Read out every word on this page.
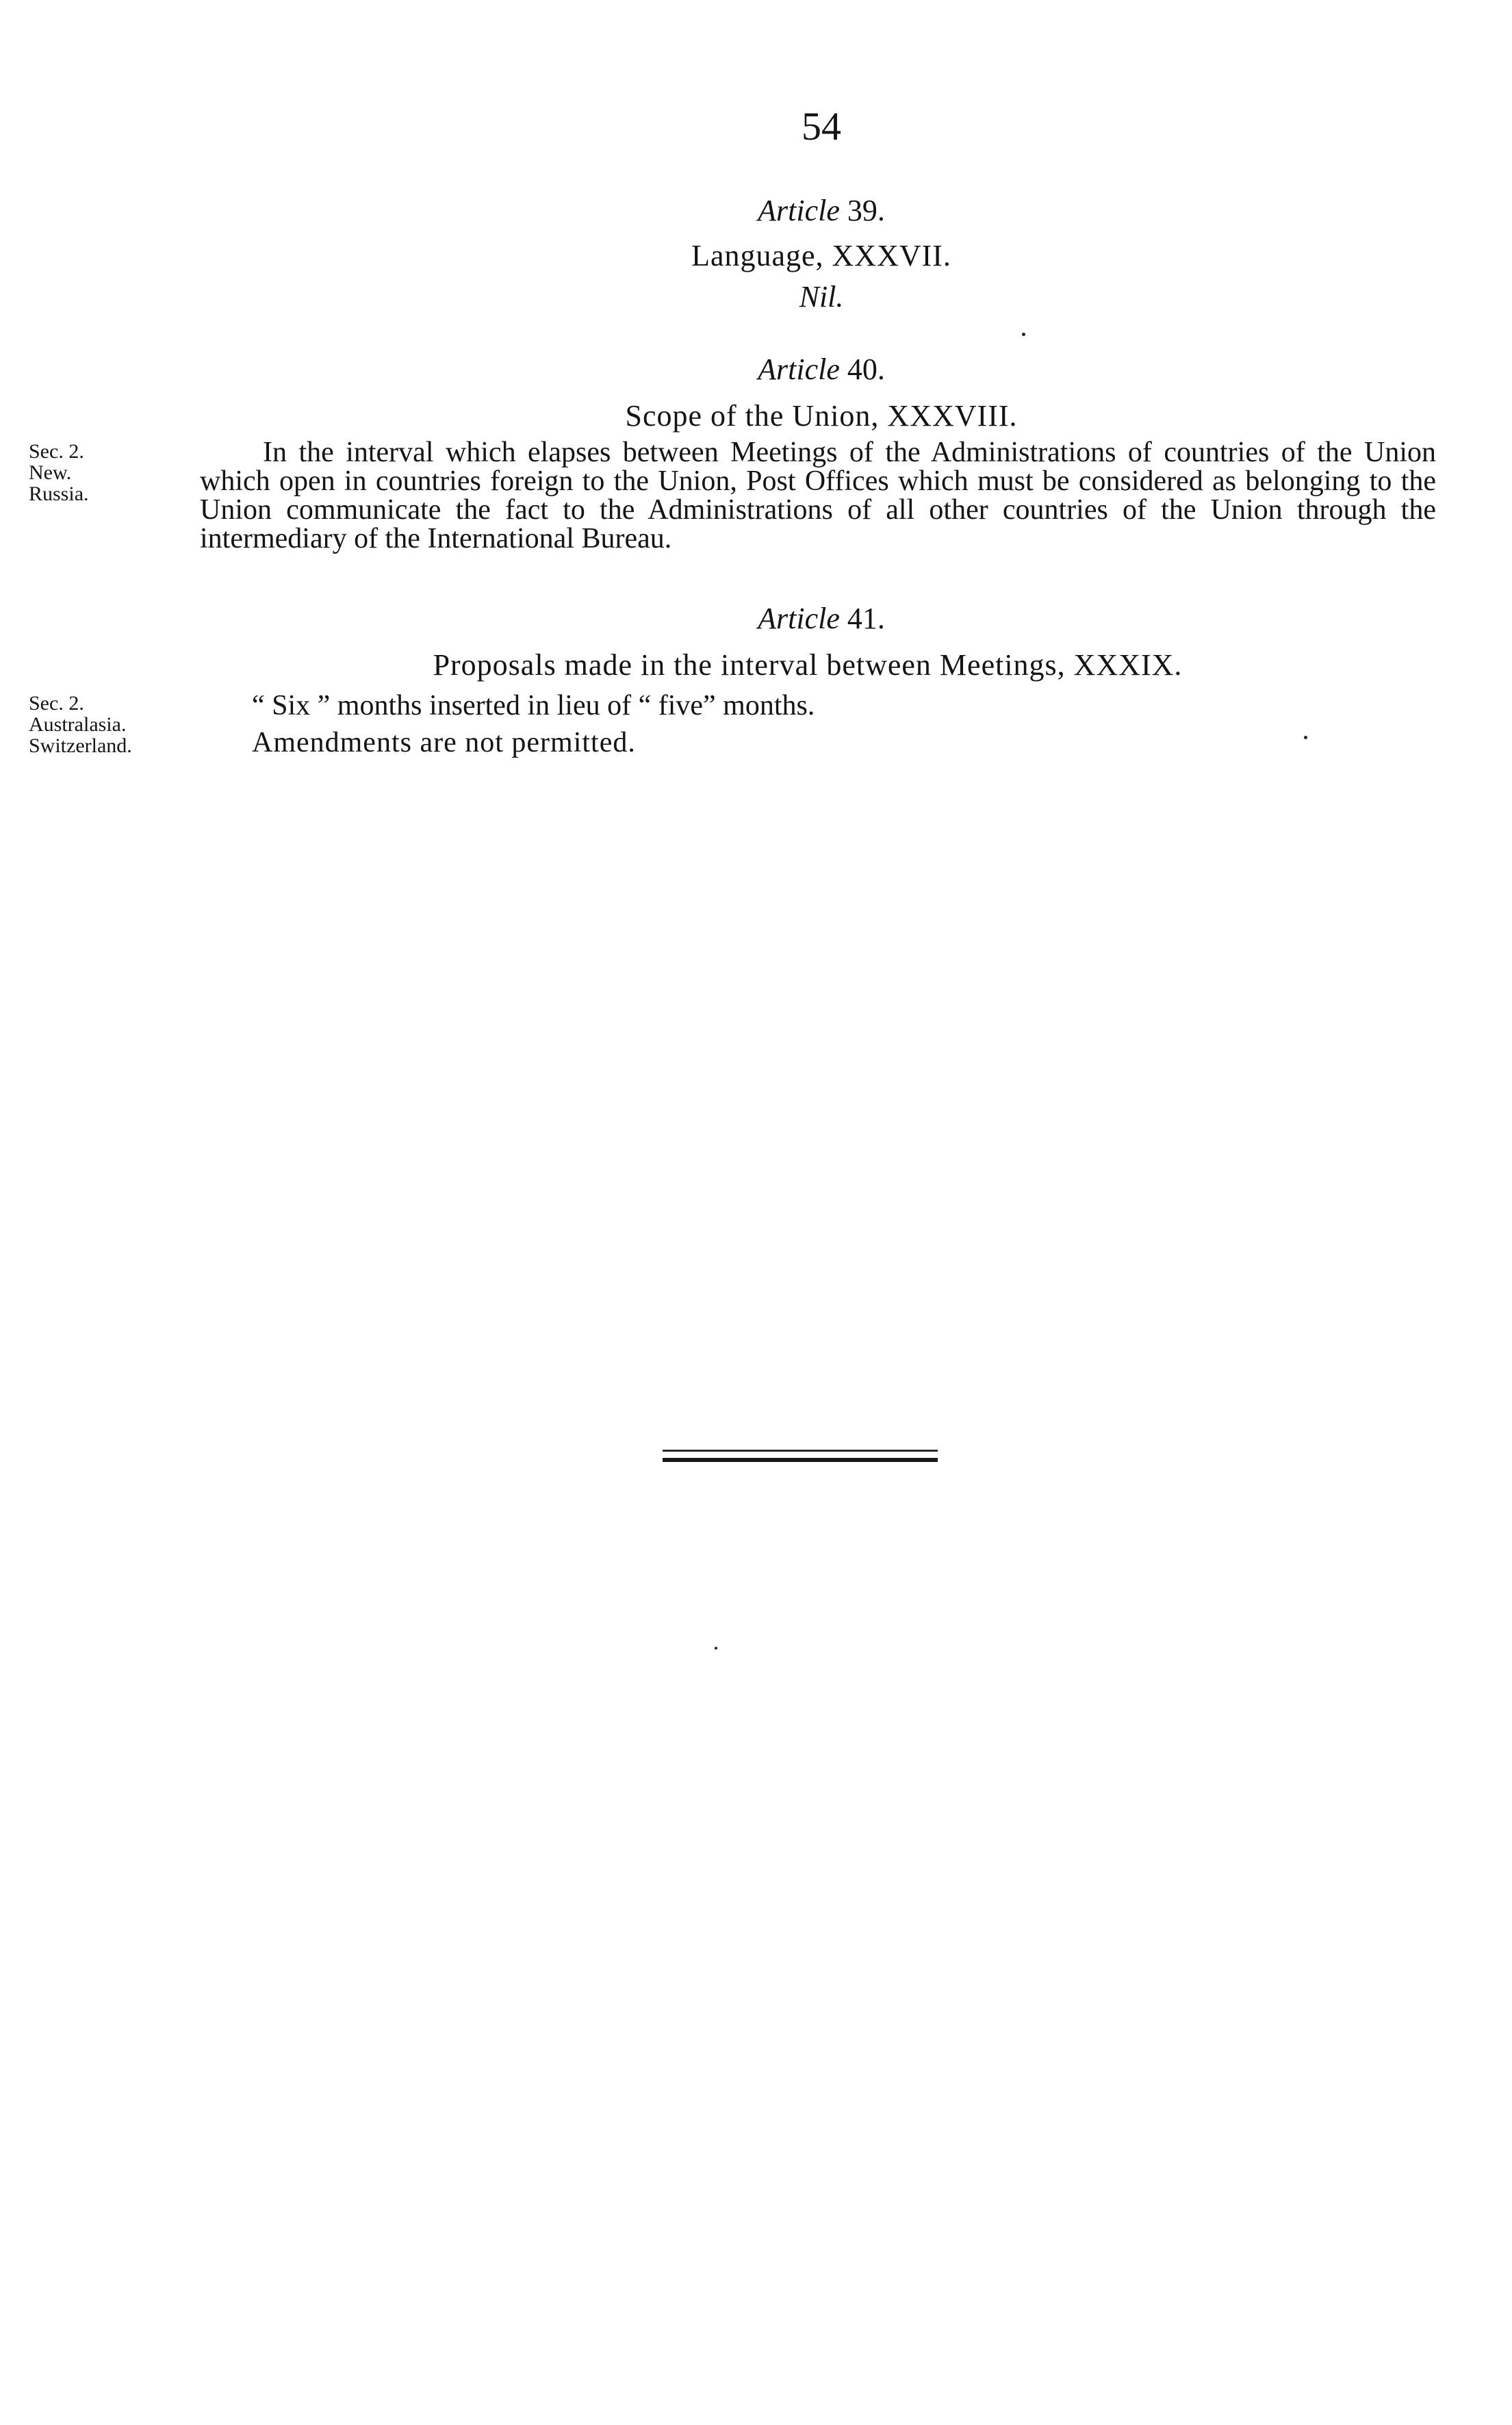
54
Article 39.
Language, XXXVII.
Nil.
Article 40.
Scope of the Union, XXXVIII.
Sec. 2.
New.
Russia.
In the interval which elapses between Meetings of the Administrations of countries of the Union which open in countries foreign to the Union, Post Offices which must be considered as belonging to the Union communicate the fact to the Administrations of all other countries of the Union through the intermediary of the International Bureau.
Article 41.
Proposals made in the interval between Meetings, XXXIX.
Sec. 2.
Australasia.
Switzerland.
“ Six ” months inserted in lieu of “ five” months.
Amendments are not permitted.
